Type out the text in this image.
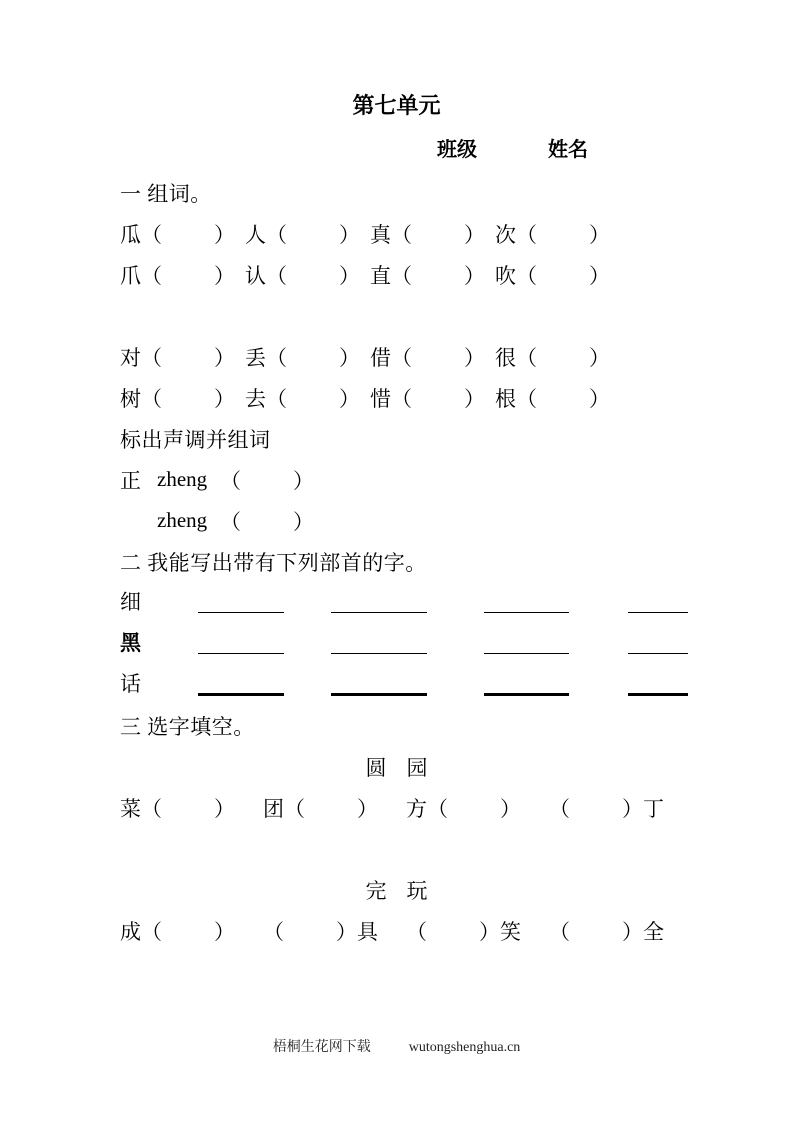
第七单元
班级	姓名
一 组词。
瓜 （ ） 人 （ ） 真 （ ） 次 （ ）
爪 （ ） 认 （ ） 直 （ ） 吹 （ ）
对 （ ） 丢 （ ） 借 （ ） 很 （ ）
树 （ ） 去 （ ） 惜 （ ） 根 （ ）
标出声调并组词
正 zheng （ ）
zheng （ ）
二 我能写出带有下列部首的字。
细
黑
话
三 选字填空。
圆 园
菜 （ ） 团 （ ） 方 （ ） （ ） 丁
完 玩
成 （ ） （ ） 具 （ ） 笑 （ ） 全
梧桐生花网下载	wutongshenghua.cn
